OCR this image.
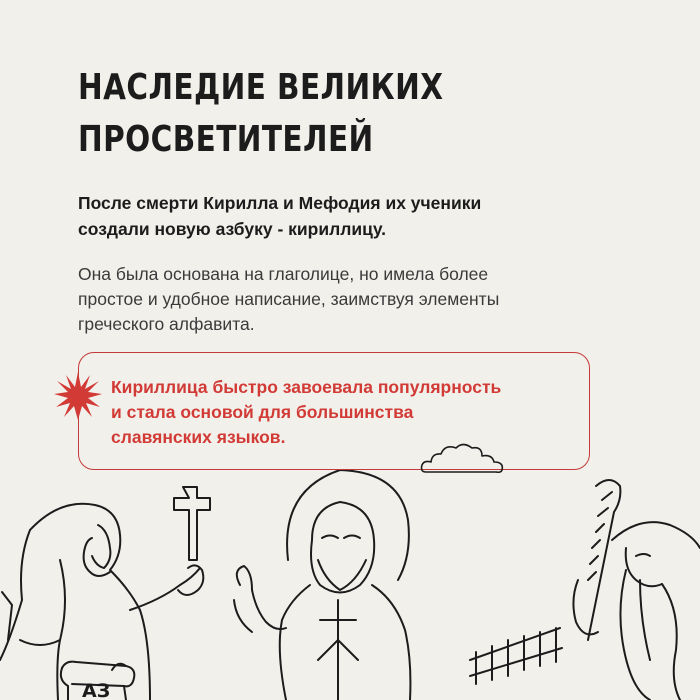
НАСЛЕДИЕ ВЕЛИКИХ
ПРОСВЕТИТЕЛЕЙ

После смерти Кирилла и Мефодия их ученики
создали новую азбуку - кириллицу.

Она была основана на глаголице, но имела более
простое и удобное написание, заимствуя элементы
греческого алфавита.

Кириллица быстро завоевала популярность
и стала основой для большинства
славянских языков.

АЗ
